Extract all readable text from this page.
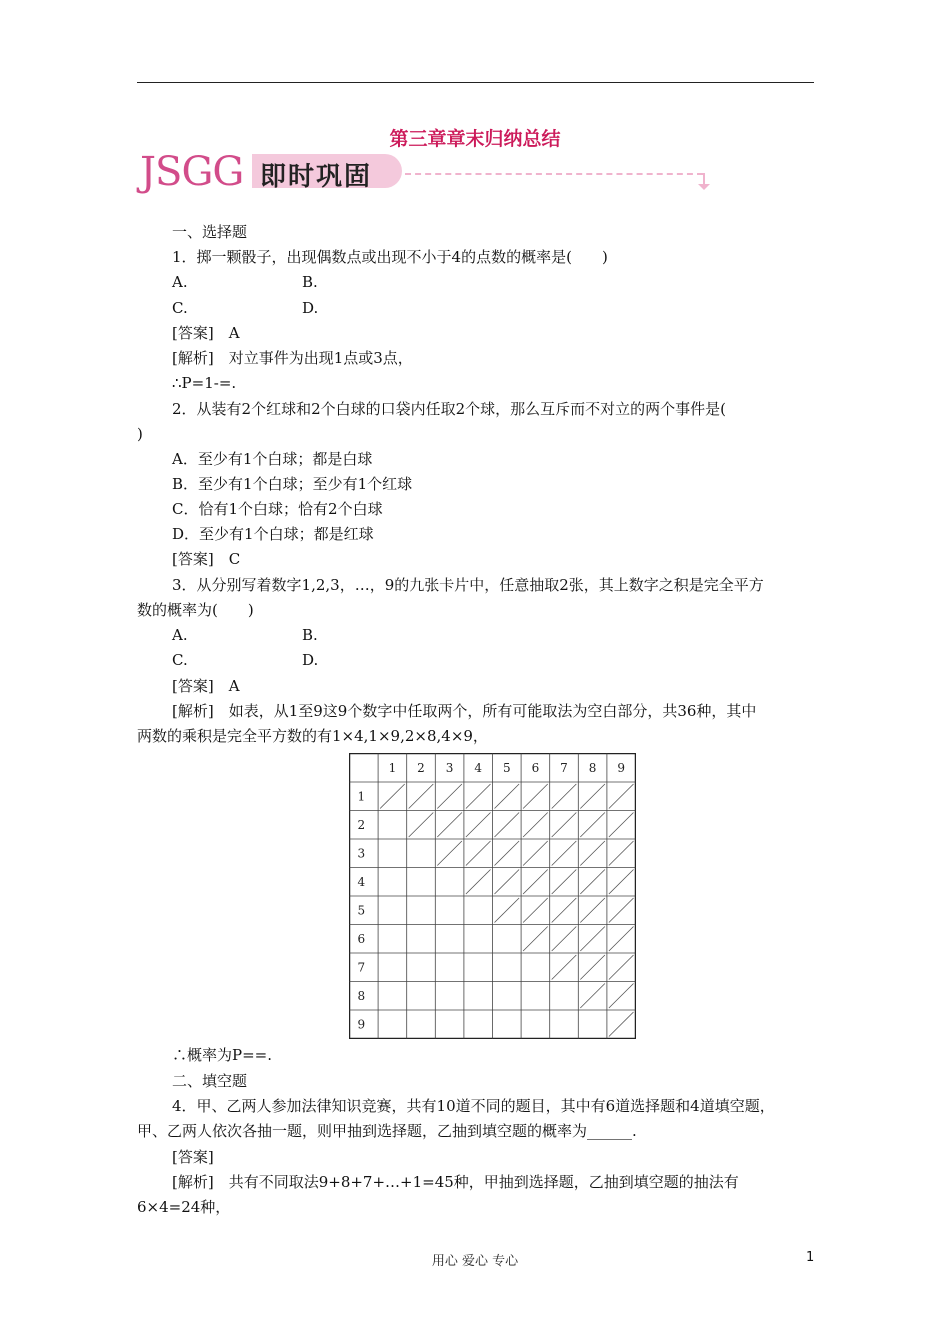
第三章章末归纳总结
JSGG 即时巩固
一、选择题
1．掷一颗骰子，出现偶数点或出现不小于4的点数的概率是(　　)
A.	B.
C.	D.
[答案]　A
[解析]　对立事件为出现1点或3点，
∴P=1-=.
2．从装有2个红球和2个白球的口袋内任取2个球，那么互斥而不对立的两个事件是(
)
A．至少有1个白球；都是白球
B．至少有1个白球；至少有1个红球
C．恰有1个白球；恰有2个白球
D．至少有1个白球；都是红球
[答案]　C
3．从分别写着数字1,2,3，…，9的九张卡片中，任意抽取2张，其上数字之积是完全平方
数的概率为(　　)
A.	B.
C.	D.
[答案]　A
[解析]　如表，从1至9这9个数字中任取两个，所有可能取法为空白部分，共36种，其中
两数的乘积是完全平方数的有1×4,1×9,2×8,4×9，
1 2 3 4 5 6 7 8 9
1
2
3
4
5
6
7
8
9
∴概率为P==.
二、填空题
4．甲、乙两人参加法律知识竞赛，共有10道不同的题目，其中有6道选择题和4道填空题，
甲、乙两人依次各抽一题，则甲抽到选择题，乙抽到填空题的概率为______.
[答案]
[解析]　共有不同取法9+8+7+…+1=45种，甲抽到选择题，乙抽到填空题的抽法有
6×4=24种，
用心 爱心 专心	1
